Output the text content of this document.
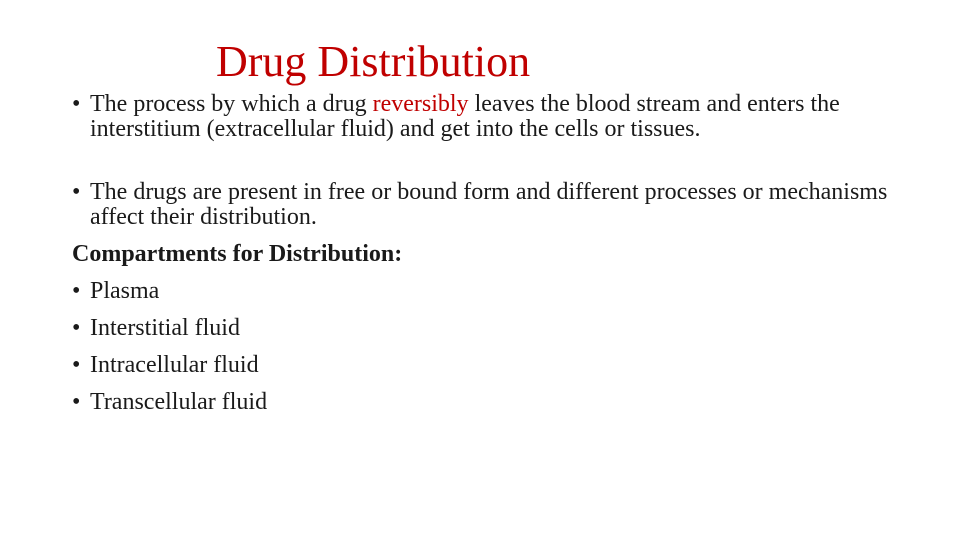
Drug Distribution
• The process by which a drug reversibly leaves the blood stream and enters the interstitium (extracellular fluid) and get into the cells or tissues.
• The drugs are present in free or bound form and different processes or mechanisms affect their distribution.
Compartments for Distribution:
• Plasma
• Interstitial fluid
• Intracellular fluid
• Transcellular fluid
